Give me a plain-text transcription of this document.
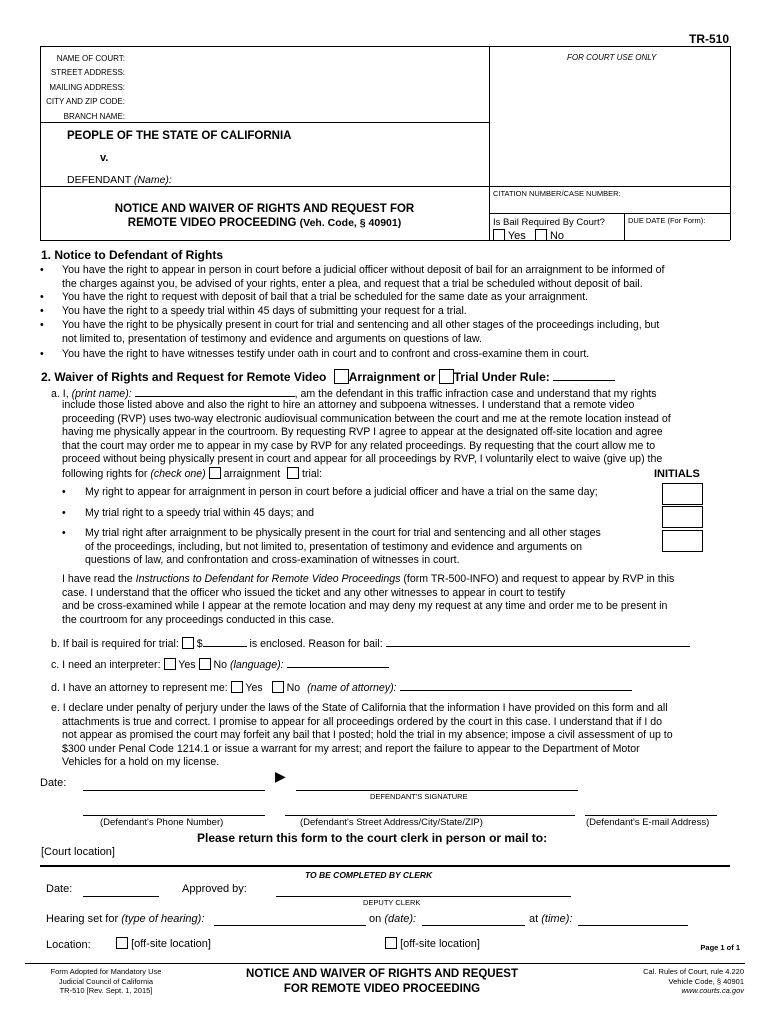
TR-510
NAME OF COURT:
STREET ADDRESS:
MAILING ADDRESS:
CITY AND ZIP CODE:
BRANCH NAME:
FOR COURT USE ONLY
PEOPLE OF THE STATE OF CALIFORNIA
v.
DEFENDANT (Name):
NOTICE AND WAIVER OF RIGHTS AND REQUEST FOR
REMOTE VIDEO PROCEEDING (Veh. Code, § 40901)
CITATION NUMBER/CASE NUMBER:
Is Bail Required By Court?	DUE DATE (For Form):
Yes No
1. Notice to Defendant of Rights
• You have the right to appear in person in court before a judicial officer without deposit of bail for an arraignment to be informed of
the charges against you, be advised of your rights, enter a plea, and request that a trial be scheduled without deposit of bail.
• You have the right to request with deposit of bail that a trial be scheduled for the same date as your arraignment.
• You have the right to a speedy trial within 45 days of submitting your request for a trial.
• You have the right to be physically present in court for trial and sentencing and all other stages of the proceedings including, but
not limited to, presentation of testimony and evidence and arguments on questions of law.
• You have the right to have witnesses testify under oath in court and to confront and cross-examine them in court.
2. Waiver of Rights and Request for Remote Video Arraignment or Trial Under Rule:
a. I, (print name):	, am the defendant in this traffic infraction case and understand that my rights
include those listed above and also the right to hire an attorney and subpoena witnesses. I understand that a remote video
proceeding (RVP) uses two-way electronic audiovisual communication between the court and me at the remote location instead of
having me physically appear in the courtroom. By requesting RVP I agree to appear at the designated off-site location and agree
that the court may order me to appear in my case by RVP for any related proceedings. By requesting that the court allow me to
proceed without being physically present in court and appear for all proceedings by RVP, I voluntarily elect to waive (give up) the
following rights for (check one) arraignment trial:	INITIALS
• My right to appear for arraignment in person in court before a judicial officer and have a trial on the same day;
• My trial right to a speedy trial within 45 days; and
• My trial right after arraignment to be physically present in the court for trial and sentencing and all other stages
of the proceedings, including, but not limited to, presentation of testimony and evidence and arguments on
questions of law, and confrontation and cross-examination of witnesses in court.
I have read the Instructions to Defendant for Remote Video Proceedings (form TR-500-INFO) and request to appear by RVP in this
case. I understand that the officer who issued the ticket and any other witnesses to appear in court to testify
and be cross-examined while I appear at the remote location and may deny my request at any time and order me to be present in
the courtroom for any proceedings conducted in this case.
b. If bail is required for trial: $	is enclosed. Reason for bail:
c. I need an interpreter: Yes No (language):
d. I have an attorney to represent me: Yes No (name of attorney):
e. I declare under penalty of perjury under the laws of the State of California that the information I have provided on this form and all
attachments is true and correct. I promise to appear for all proceedings ordered by the court in this case. I understand that if I do
not appear as promised the court may forfeit any bail that I posted; hold the trial in my absence; impose a civil assessment of up to
$300 under Penal Code 1214.1 or issue a warrant for my arrest; and report the failure to appear to the Department of Motor
Vehicles for a hold on my license.
Date:	▶
DEFENDANT'S SIGNATURE
(Defendant's Phone Number)	(Defendant's Street Address/City/State/ZIP)	(Defendant's E-mail Address)
Please return this form to the court clerk in person or mail to:
[Court location]
TO BE COMPLETED BY CLERK
Date:	Approved by:
DEPUTY CLERK
Hearing set for (type of hearing):	on (date):	at (time):
Location:	[off-site location]	[off-site location]	Page 1 of 1
Form Adopted for Mandatory Use
Judicial Council of California
TR-510 [Rev. Sept. 1, 2015]
NOTICE AND WAIVER OF RIGHTS AND REQUEST
FOR REMOTE VIDEO PROCEEDING
Cal. Rules of Court, rule 4.220
Vehicle Code, § 40901
www.courts.ca.gov
